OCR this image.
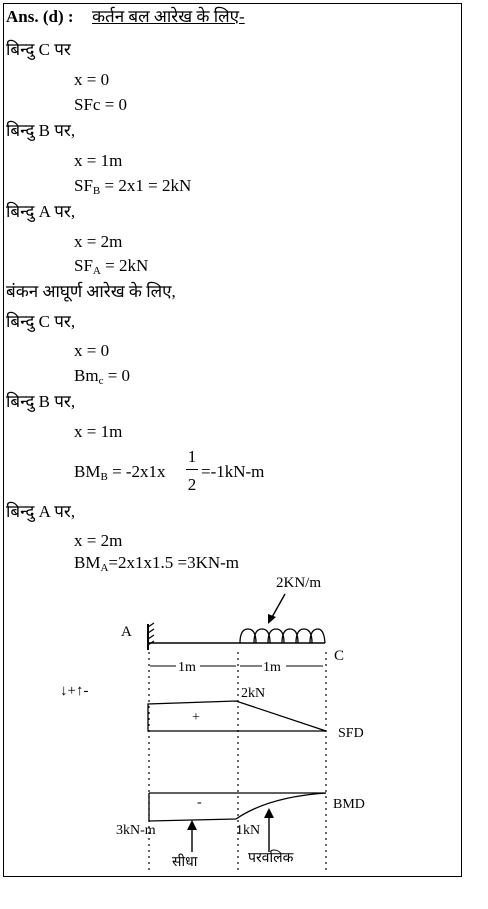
Ans. (d) : कर्तन बल आरेख के लिए-
बिन्दु C पर
x = 0
SFc = 0
बिन्दु B पर,
x = 1m
$SF_B = 2x1 = 2kN$
बिन्दु A पर,
x = 2m
$SF_A = 2kN$
बंकन आघूर्ण आरेख के लिए,
बिन्दु C पर,
x = 0
$Bm_c = 0$
बिन्दु B पर,
x = 1m
$BM_B = -2x1x$
1
2
=-1kN-m
बिन्दु A पर,
x = 2m
$BM_A=2x1x1.5 =3KN-m$
2KN/m
A
C
1m	1m
↓+↑-	2kN
+
SFD
-	BMD
3kN-m	1kN
सीधा	परवलिक
